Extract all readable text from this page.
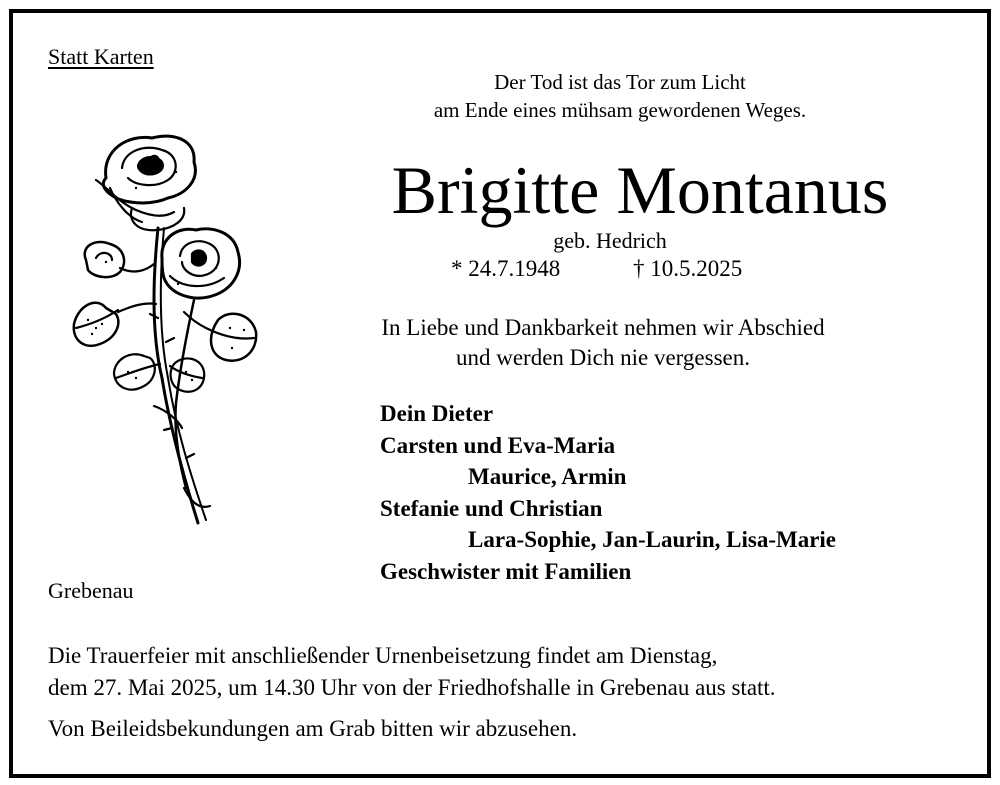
Statt Karten
Der Tod ist das Tor zum Licht
am Ende eines mühsam gewordenen Weges.
Brigitte Montanus
geb. Hedrich
* 24.7.1948	† 10.5.2025
In Liebe und Dankbarkeit nehmen wir Abschied
und werden Dich nie vergessen.
Dein Dieter
Carsten und Eva-Maria
Maurice, Armin
Stefanie und Christian
Lara-Sophie, Jan-Laurin, Lisa-Marie
Geschwister mit Familien
Grebenau
Die Trauerfeier mit anschließender Urnenbeisetzung findet am Dienstag,
dem 27. Mai 2025, um 14.30 Uhr von der Friedhofshalle in Grebenau aus statt.
Von Beileidsbekundungen am Grab bitten wir abzusehen.
